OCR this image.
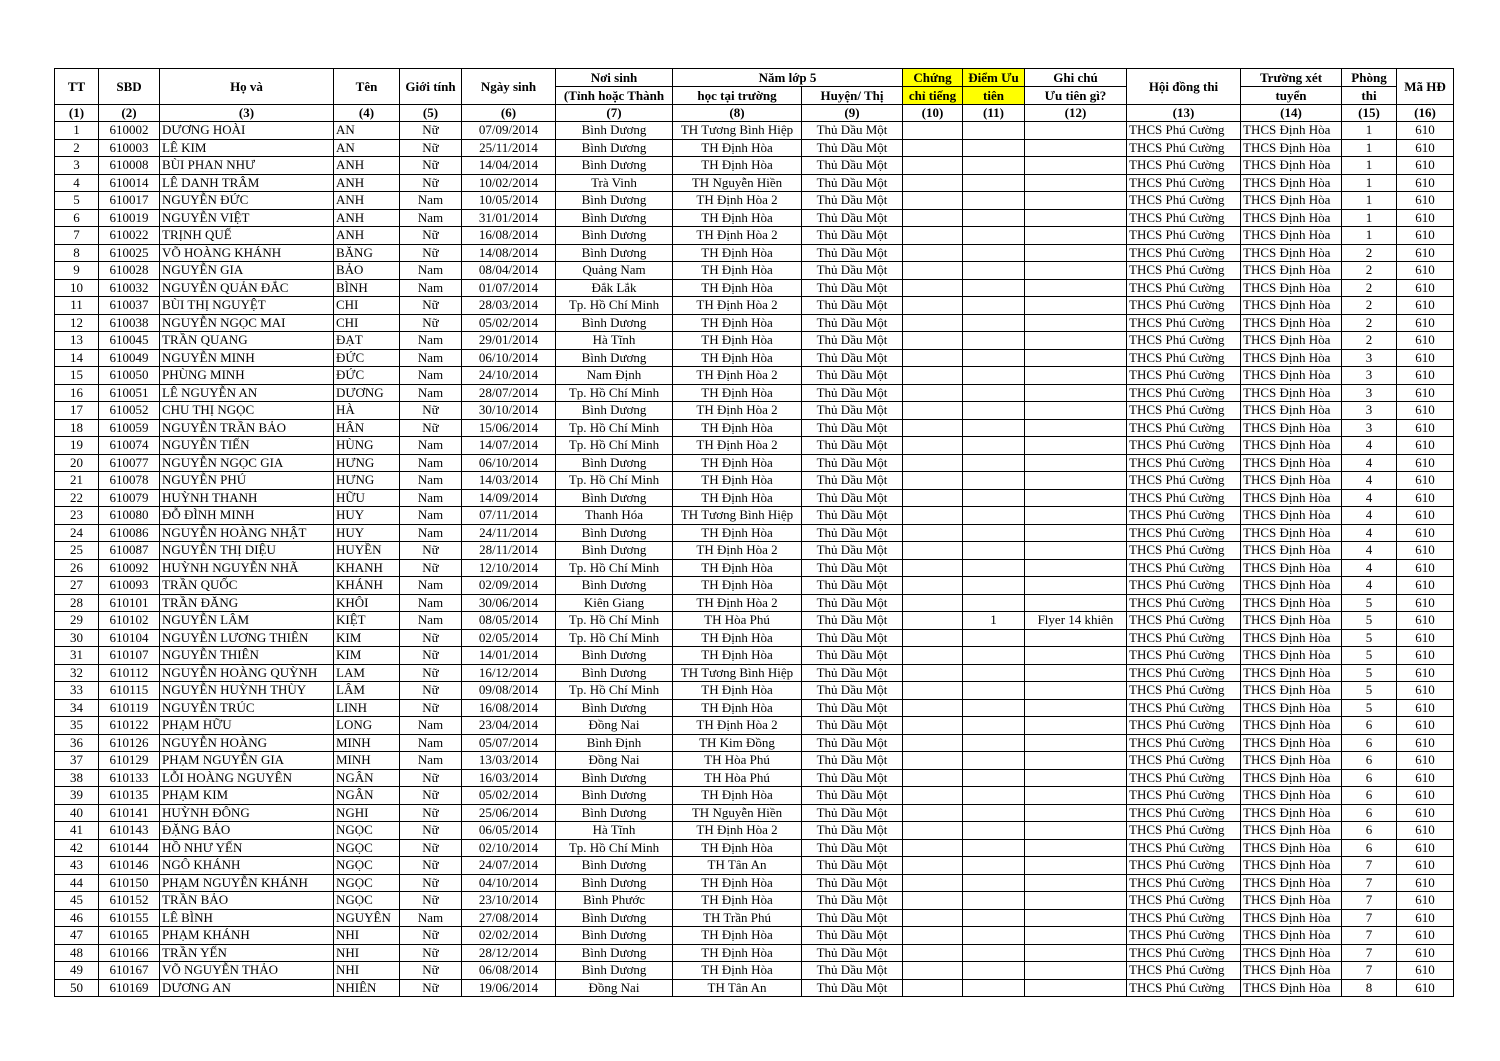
TT	SBD	Họ và	Tên	Giới tính	Ngày sinh	Nơi sinh	Năm lớp 5		Chứng	Điểm Ưu	Ghi chú	Hội đồng thi	Trường xét	Phòng	Mã HĐ
						(Tỉnh hoặc Thành	học tại trường	Huyện/ Thị	chỉ tiếng	tiên	Ưu tiên gì?		tuyển	thi	
(1)	(2)	(3)	(4)	(5)	(6)	(7)	(8)	(9)	(10)	(11)	(12)	(13)	(14)	(15)	(16)
1	610002	DƯƠNG HOÀI	AN	Nữ	07/09/2014	Bình Dương	TH Tương Bình Hiệp	Thủ Dầu Một				THCS Phú Cường	THCS Định Hòa	1	610
2	610003	LÊ KIM	AN	Nữ	25/11/2014	Bình Dương	TH Định Hòa	Thủ Dầu Một				THCS Phú Cường	THCS Định Hòa	1	610
3	610008	BÙI PHAN NHƯ	ANH	Nữ	14/04/2014	Bình Dương	TH Định Hòa	Thủ Dầu Một				THCS Phú Cường	THCS Định Hòa	1	610
4	610014	LÊ DANH TRÂM	ANH	Nữ	10/02/2014	Trà Vinh	TH Nguyễn Hiền	Thủ Dầu Một				THCS Phú Cường	THCS Định Hòa	1	610
5	610017	NGUYỄN ĐỨC	ANH	Nam	10/05/2014	Bình Dương	TH Định Hòa 2	Thủ Dầu Một				THCS Phú Cường	THCS Định Hòa	1	610
6	610019	NGUYỄN VIỆT	ANH	Nam	31/01/2014	Bình Dương	TH Định Hòa	Thủ Dầu Một				THCS Phú Cường	THCS Định Hòa	1	610
7	610022	TRỊNH QUẾ	ANH	Nữ	16/08/2014	Bình Dương	TH Định Hòa 2	Thủ Dầu Một				THCS Phú Cường	THCS Định Hòa	1	610
8	610025	VÕ HOÀNG KHÁNH	BĂNG	Nữ	14/08/2014	Bình Dương	TH Định Hòa	Thủ Dầu Một				THCS Phú Cường	THCS Định Hòa	2	610
9	610028	NGUYỄN GIA	BẢO	Nam	08/04/2014	Quảng Nam	TH Định Hòa	Thủ Dầu Một				THCS Phú Cường	THCS Định Hòa	2	610
10	610032	NGUYỄN QUẢN ĐẮC	BÌNH	Nam	01/07/2014	Đắk Lắk	TH Định Hòa	Thủ Dầu Một				THCS Phú Cường	THCS Định Hòa	2	610
11	610037	BÙI THỊ NGUYỆT	CHI	Nữ	28/03/2014	Tp. Hồ Chí Minh	TH Định Hòa 2	Thủ Dầu Một				THCS Phú Cường	THCS Định Hòa	2	610
12	610038	NGUYỄN NGỌC MAI	CHI	Nữ	05/02/2014	Bình Dương	TH Định Hòa	Thủ Dầu Một				THCS Phú Cường	THCS Định Hòa	2	610
13	610045	TRẦN QUANG	ĐẠT	Nam	29/01/2014	Hà Tĩnh	TH Định Hòa	Thủ Dầu Một				THCS Phú Cường	THCS Định Hòa	2	610
14	610049	NGUYỄN MINH	ĐỨC	Nam	06/10/2014	Bình Dương	TH Định Hòa	Thủ Dầu Một				THCS Phú Cường	THCS Định Hòa	3	610
15	610050	PHÙNG MINH	ĐỨC	Nam	24/10/2014	Nam Định	TH Định Hòa 2	Thủ Dầu Một				THCS Phú Cường	THCS Định Hòa	3	610
16	610051	LÊ NGUYỄN AN	DƯƠNG	Nam	28/07/2014	Tp. Hồ Chí Minh	TH Định Hòa	Thủ Dầu Một				THCS Phú Cường	THCS Định Hòa	3	610
17	610052	CHU THỊ NGỌC	HÀ	Nữ	30/10/2014	Bình Dương	TH Định Hòa 2	Thủ Dầu Một				THCS Phú Cường	THCS Định Hòa	3	610
18	610059	NGUYỄN TRẦN BẢO	HÂN	Nữ	15/06/2014	Tp. Hồ Chí Minh	TH Định Hòa	Thủ Dầu Một				THCS Phú Cường	THCS Định Hòa	3	610
19	610074	NGUYỄN TIẾN	HÙNG	Nam	14/07/2014	Tp. Hồ Chí Minh	TH Định Hòa 2	Thủ Dầu Một				THCS Phú Cường	THCS Định Hòa	4	610
20	610077	NGUYỄN NGỌC GIA	HƯNG	Nam	06/10/2014	Bình Dương	TH Định Hòa	Thủ Dầu Một				THCS Phú Cường	THCS Định Hòa	4	610
21	610078	NGUYỄN PHÚ	HƯNG	Nam	14/03/2014	Tp. Hồ Chí Minh	TH Định Hòa	Thủ Dầu Một				THCS Phú Cường	THCS Định Hòa	4	610
22	610079	HUỲNH THANH	HỮU	Nam	14/09/2014	Bình Dương	TH Định Hòa	Thủ Dầu Một				THCS Phú Cường	THCS Định Hòa	4	610
23	610080	ĐỖ ĐÌNH MINH	HUY	Nam	07/11/2014	Thanh Hóa	TH Tương Bình Hiệp	Thủ Dầu Một				THCS Phú Cường	THCS Định Hòa	4	610
24	610086	NGUYỄN HOÀNG NHẬT	HUY	Nam	24/11/2014	Bình Dương	TH Định Hòa	Thủ Dầu Một				THCS Phú Cường	THCS Định Hòa	4	610
25	610087	NGUYỄN THỊ DIỆU	HUYỀN	Nữ	28/11/2014	Bình Dương	TH Định Hòa 2	Thủ Dầu Một				THCS Phú Cường	THCS Định Hòa	4	610
26	610092	HUỲNH NGUYỄN NHÃ	KHANH	Nữ	12/10/2014	Tp. Hồ Chí Minh	TH Định Hòa	Thủ Dầu Một				THCS Phú Cường	THCS Định Hòa	4	610
27	610093	TRẦN QUỐC	KHÁNH	Nam	02/09/2014	Bình Dương	TH Định Hòa	Thủ Dầu Một				THCS Phú Cường	THCS Định Hòa	4	610
28	610101	TRẦN ĐĂNG	KHÔI	Nam	30/06/2014	Kiên Giang	TH Định Hòa 2	Thủ Dầu Một				THCS Phú Cường	THCS Định Hòa	5	610
29	610102	NGUYỄN LÂM	KIỆT	Nam	08/05/2014	Tp. Hồ Chí Minh	TH Hòa Phú	Thủ Dầu Một		1	Flyer 14 khiên	THCS Phú Cường	THCS Định Hòa	5	610
30	610104	NGUYỄN LƯƠNG THIÊN	KIM	Nữ	02/05/2014	Tp. Hồ Chí Minh	TH Định Hòa	Thủ Dầu Một				THCS Phú Cường	THCS Định Hòa	5	610
31	610107	NGUYỄN THIÊN	KIM	Nữ	14/01/2014	Bình Dương	TH Định Hòa	Thủ Dầu Một				THCS Phú Cường	THCS Định Hòa	5	610
32	610112	NGUYỄN HOÀNG QUỲNH	LAM	Nữ	16/12/2014	Bình Dương	TH Tương Bình Hiệp	Thủ Dầu Một				THCS Phú Cường	THCS Định Hòa	5	610
33	610115	NGUYỄN HUỲNH THÙY	LÂM	Nữ	09/08/2014	Tp. Hồ Chí Minh	TH Định Hòa	Thủ Dầu Một				THCS Phú Cường	THCS Định Hòa	5	610
34	610119	NGUYỄN TRÚC	LINH	Nữ	16/08/2014	Bình Dương	TH Định Hòa	Thủ Dầu Một				THCS Phú Cường	THCS Định Hòa	5	610
35	610122	PHẠM HỮU	LONG	Nam	23/04/2014	Đồng Nai	TH Định Hòa 2	Thủ Dầu Một				THCS Phú Cường	THCS Định Hòa	6	610
36	610126	NGUYỄN HOÀNG	MINH	Nam	05/07/2014	Bình Định	TH Kim Đồng	Thủ Dầu Một				THCS Phú Cường	THCS Định Hòa	6	610
37	610129	PHẠM NGUYỄN GIA	MINH	Nam	13/03/2014	Đồng Nai	TH Hòa Phú	Thủ Dầu Một				THCS Phú Cường	THCS Định Hòa	6	610
38	610133	LỖI HOÀNG NGUYÊN	NGÂN	Nữ	16/03/2014	Bình Dương	TH Hòa Phú	Thủ Dầu Một				THCS Phú Cường	THCS Định Hòa	6	610
39	610135	PHẠM KIM	NGÂN	Nữ	05/02/2014	Bình Dương	TH Định Hòa	Thủ Dầu Một				THCS Phú Cường	THCS Định Hòa	6	610
40	610141	HUỲNH ĐÔNG	NGHI	Nữ	25/06/2014	Bình Dương	TH Nguyễn Hiền	Thủ Dầu Một				THCS Phú Cường	THCS Định Hòa	6	610
41	610143	ĐẶNG BẢO	NGỌC	Nữ	06/05/2014	Hà Tĩnh	TH Định Hòa 2	Thủ Dầu Một				THCS Phú Cường	THCS Định Hòa	6	610
42	610144	HỒ NHƯ YẾN	NGỌC	Nữ	02/10/2014	Tp. Hồ Chí Minh	TH Định Hòa	Thủ Dầu Một				THCS Phú Cường	THCS Định Hòa	6	610
43	610146	NGÔ KHÁNH	NGỌC	Nữ	24/07/2014	Bình Dương	TH Tân An	Thủ Dầu Một				THCS Phú Cường	THCS Định Hòa	7	610
44	610150	PHẠM NGUYỄN KHÁNH	NGỌC	Nữ	04/10/2014	Bình Dương	TH Định Hòa	Thủ Dầu Một				THCS Phú Cường	THCS Định Hòa	7	610
45	610152	TRẦN BẢO	NGỌC	Nữ	23/10/2014	Bình Phước	TH Định Hòa	Thủ Dầu Một				THCS Phú Cường	THCS Định Hòa	7	610
46	610155	LÊ BÌNH	NGUYÊN	Nam	27/08/2014	Bình Dương	TH Trần Phú	Thủ Dầu Một				THCS Phú Cường	THCS Định Hòa	7	610
47	610165	PHẠM KHÁNH	NHI	Nữ	02/02/2014	Bình Dương	TH Định Hòa	Thủ Dầu Một				THCS Phú Cường	THCS Định Hòa	7	610
48	610166	TRẦN YẾN	NHI	Nữ	28/12/2014	Bình Dương	TH Định Hòa	Thủ Dầu Một				THCS Phú Cường	THCS Định Hòa	7	610
49	610167	VÕ NGUYỄN THẢO	NHI	Nữ	06/08/2014	Bình Dương	TH Định Hòa	Thủ Dầu Một				THCS Phú Cường	THCS Định Hòa	7	610
50	610169	DƯƠNG AN	NHIÊN	Nữ	19/06/2014	Đồng Nai	TH Tân An	Thủ Dầu Một				THCS Phú Cường	THCS Định Hòa	8	610
